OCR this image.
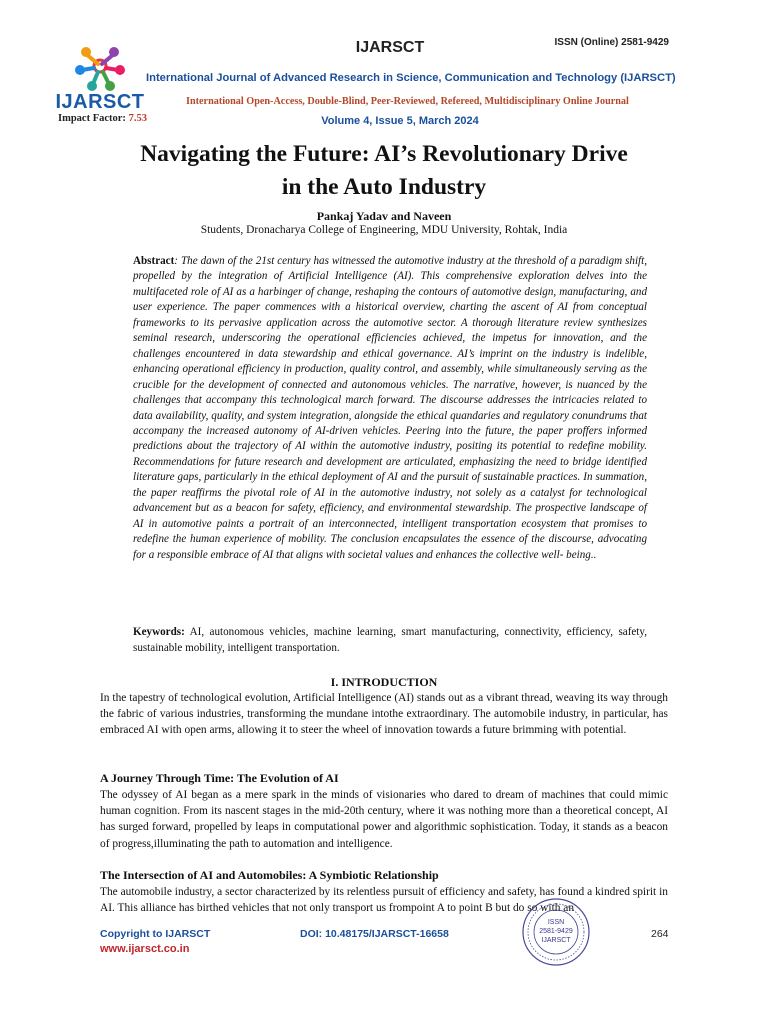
IJARSCT
Impact Factor: 7.53
IJARSCT	ISSN (Online) 2581-9429
International Journal of Advanced Research in Science, Communication and Technology (IJARSCT)
International Open-Access, Double-Blind, Peer-Reviewed, Refereed, Multidisciplinary Online Journal
Volume 4, Issue 5, March 2024
Navigating the Future: AI’s Revolutionary Drive
in the Auto Industry
Pankaj Yadav and Naveen
Students, Dronacharya College of Engineering, MDU University, Rohtak, India
Abstract: The dawn of the 21st century has witnessed the automotive industry at the threshold of a paradigm shift, propelled by the integration of Artificial Intelligence (AI). This comprehensive exploration delves into the multifaceted role of AI as a harbinger of change, reshaping the contours of automotive design, manufacturing, and user experience. The paper commences with a historical overview, charting the ascent of AI from conceptual frameworks to its pervasive application across the automotive sector. A thorough literature review synthesizes seminal research, underscoring the operational efficiencies achieved, the impetus for innovation, and the challenges encountered in data stewardship and ethical governance. AI’s imprint on the industry is indelible, enhancing operational efficiency in production, quality control, and assembly, while simultaneously serving as the crucible for the development of connected and autonomous vehicles. The narrative, however, is nuanced by the challenges that accompany this technological march forward. The discourse addresses the intricacies related to data availability, quality, and system integration, alongside the ethical quandaries and regulatory conundrums that accompany the increased autonomy of AI-driven vehicles. Peering into the future, the paper proffers informed predictions about the trajectory of AI within the automotive industry, positing its potential to redefine mobility. Recommendations for future research and development are articulated, emphasizing the need to bridge identified literature gaps, particularly in the ethical deployment of AI and the pursuit of sustainable practices. In summation, the paper reaffirms the pivotal role of AI in the automotive industry, not solely as a catalyst for technological advancement but as a beacon for safety, efficiency, and environmental stewardship. The prospective landscape of AI in automotive paints a portrait of an interconnected, intelligent transportation ecosystem that promises to redefine the human experience of mobility. The conclusion encapsulates the essence of the discourse, advocating for a responsible embrace of AI that aligns with societal values and enhances the collective well- being..
Keywords: AI, autonomous vehicles, machine learning, smart manufacturing, connectivity, efficiency, safety, sustainable mobility, intelligent transportation.
I. INTRODUCTION
In the tapestry of technological evolution, Artificial Intelligence (AI) stands out as a vibrant thread, weaving its way through the fabric of various industries, transforming the mundane intothe extraordinary. The automobile industry, in particular, has embraced AI with open arms, allowing it to steer the wheel of innovation towards a future brimming with potential.
A Journey Through Time: The Evolution of AI
The odyssey of AI began as a mere spark in the minds of visionaries who dared to dream of machines that could mimic human cognition. From its nascent stages in the mid-20th century, where it was nothing more than a theoretical concept, AI has surged forward, propelled by leaps in computational power and algorithmic sophistication. Today, it stands as a beacon of progress,illuminating the path to automation and intelligence.
The Intersection of AI and Automobiles: A Symbiotic Relationship
The automobile industry, a sector characterized by its relentless pursuit of efficiency and safety, has found a kindred spirit in AI. This alliance has birthed vehicles that not only transport us frompoint A to point B but do so with an
Copyright to IJARSCT
www.ijarsct.co.in
DOI: 10.48175/IJARSCT-16658	264
ISSN
2581-9429
IJARSCT
